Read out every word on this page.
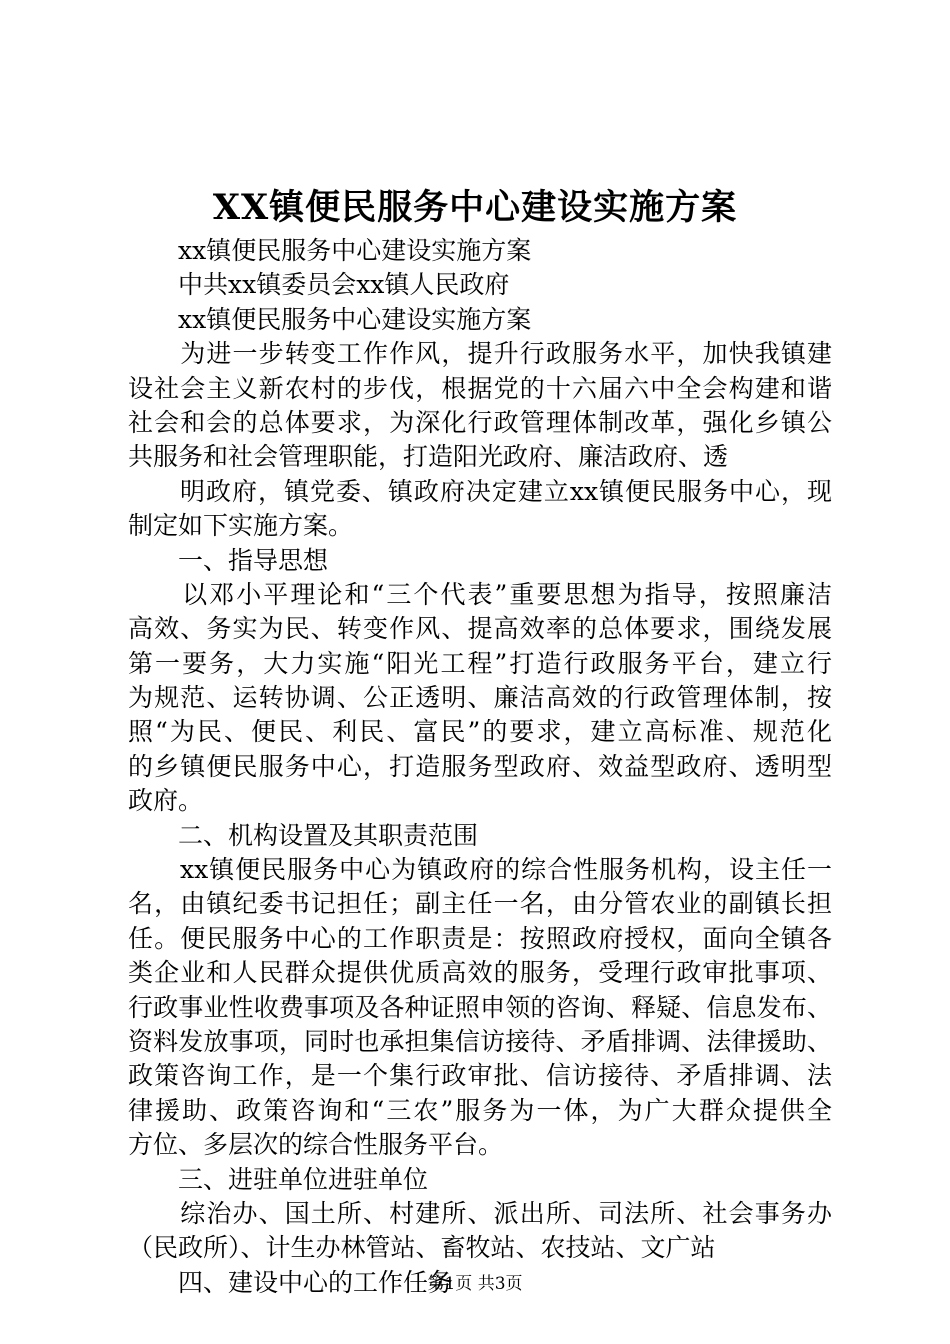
XX镇便民服务中心建设实施方案
　　xx镇便民服务中心建设实施方案
　　中共xx镇委员会xx镇人民政府
　　xx镇便民服务中心建设实施方案
　　为进一步转变工作作风，提升行政服务水平，加快我镇建
设社会主义新农村的步伐，根据党的十六届六中全会构建和谐
社会和会的总体要求，为深化行政管理体制改革，强化乡镇公
共服务和社会管理职能，打造阳光政府、廉洁政府、透
　　明政府，镇党委、镇政府决定建立xx镇便民服务中心，现
制定如下实施方案。
　　一、指导思想
　　以邓小平理论和“三个代表”重要思想为指导，按照廉洁
高效、务实为民、转变作风、提高效率的总体要求，围绕发展
第一要务，大力实施“阳光工程”打造行政服务平台，建立行
为规范、运转协调、公正透明、廉洁高效的行政管理体制，按
照“为民、便民、利民、富民”的要求，建立高标准、规范化
的乡镇便民服务中心，打造服务型政府、效益型政府、透明型
政府。
　　二、机构设置及其职责范围
　　xx镇便民服务中心为镇政府的综合性服务机构，设主任一
名，由镇纪委书记担任；副主任一名，由分管农业的副镇长担
任。便民服务中心的工作职责是：按照政府授权，面向全镇各
类企业和人民群众提供优质高效的服务，受理行政审批事项、
行政事业性收费事项及各种证照申领的咨询、释疑、信息发布、
资料发放事项，同时也承担集信访接待、矛盾排调、法律援助、
政策咨询工作，是一个集行政审批、信访接待、矛盾排调、法
律援助、政策咨询和“三农”服务为一体，为广大群众提供全
方位、多层次的综合性服务平台。
　　三、进驻单位进驻单位
　　综治办、国土所、村建所、派出所、司法所、社会事务办
（民政所）、计生办林管站、畜牧站、农技站、文广站
　　四、建设中心的工作任务
第1页 共3页
